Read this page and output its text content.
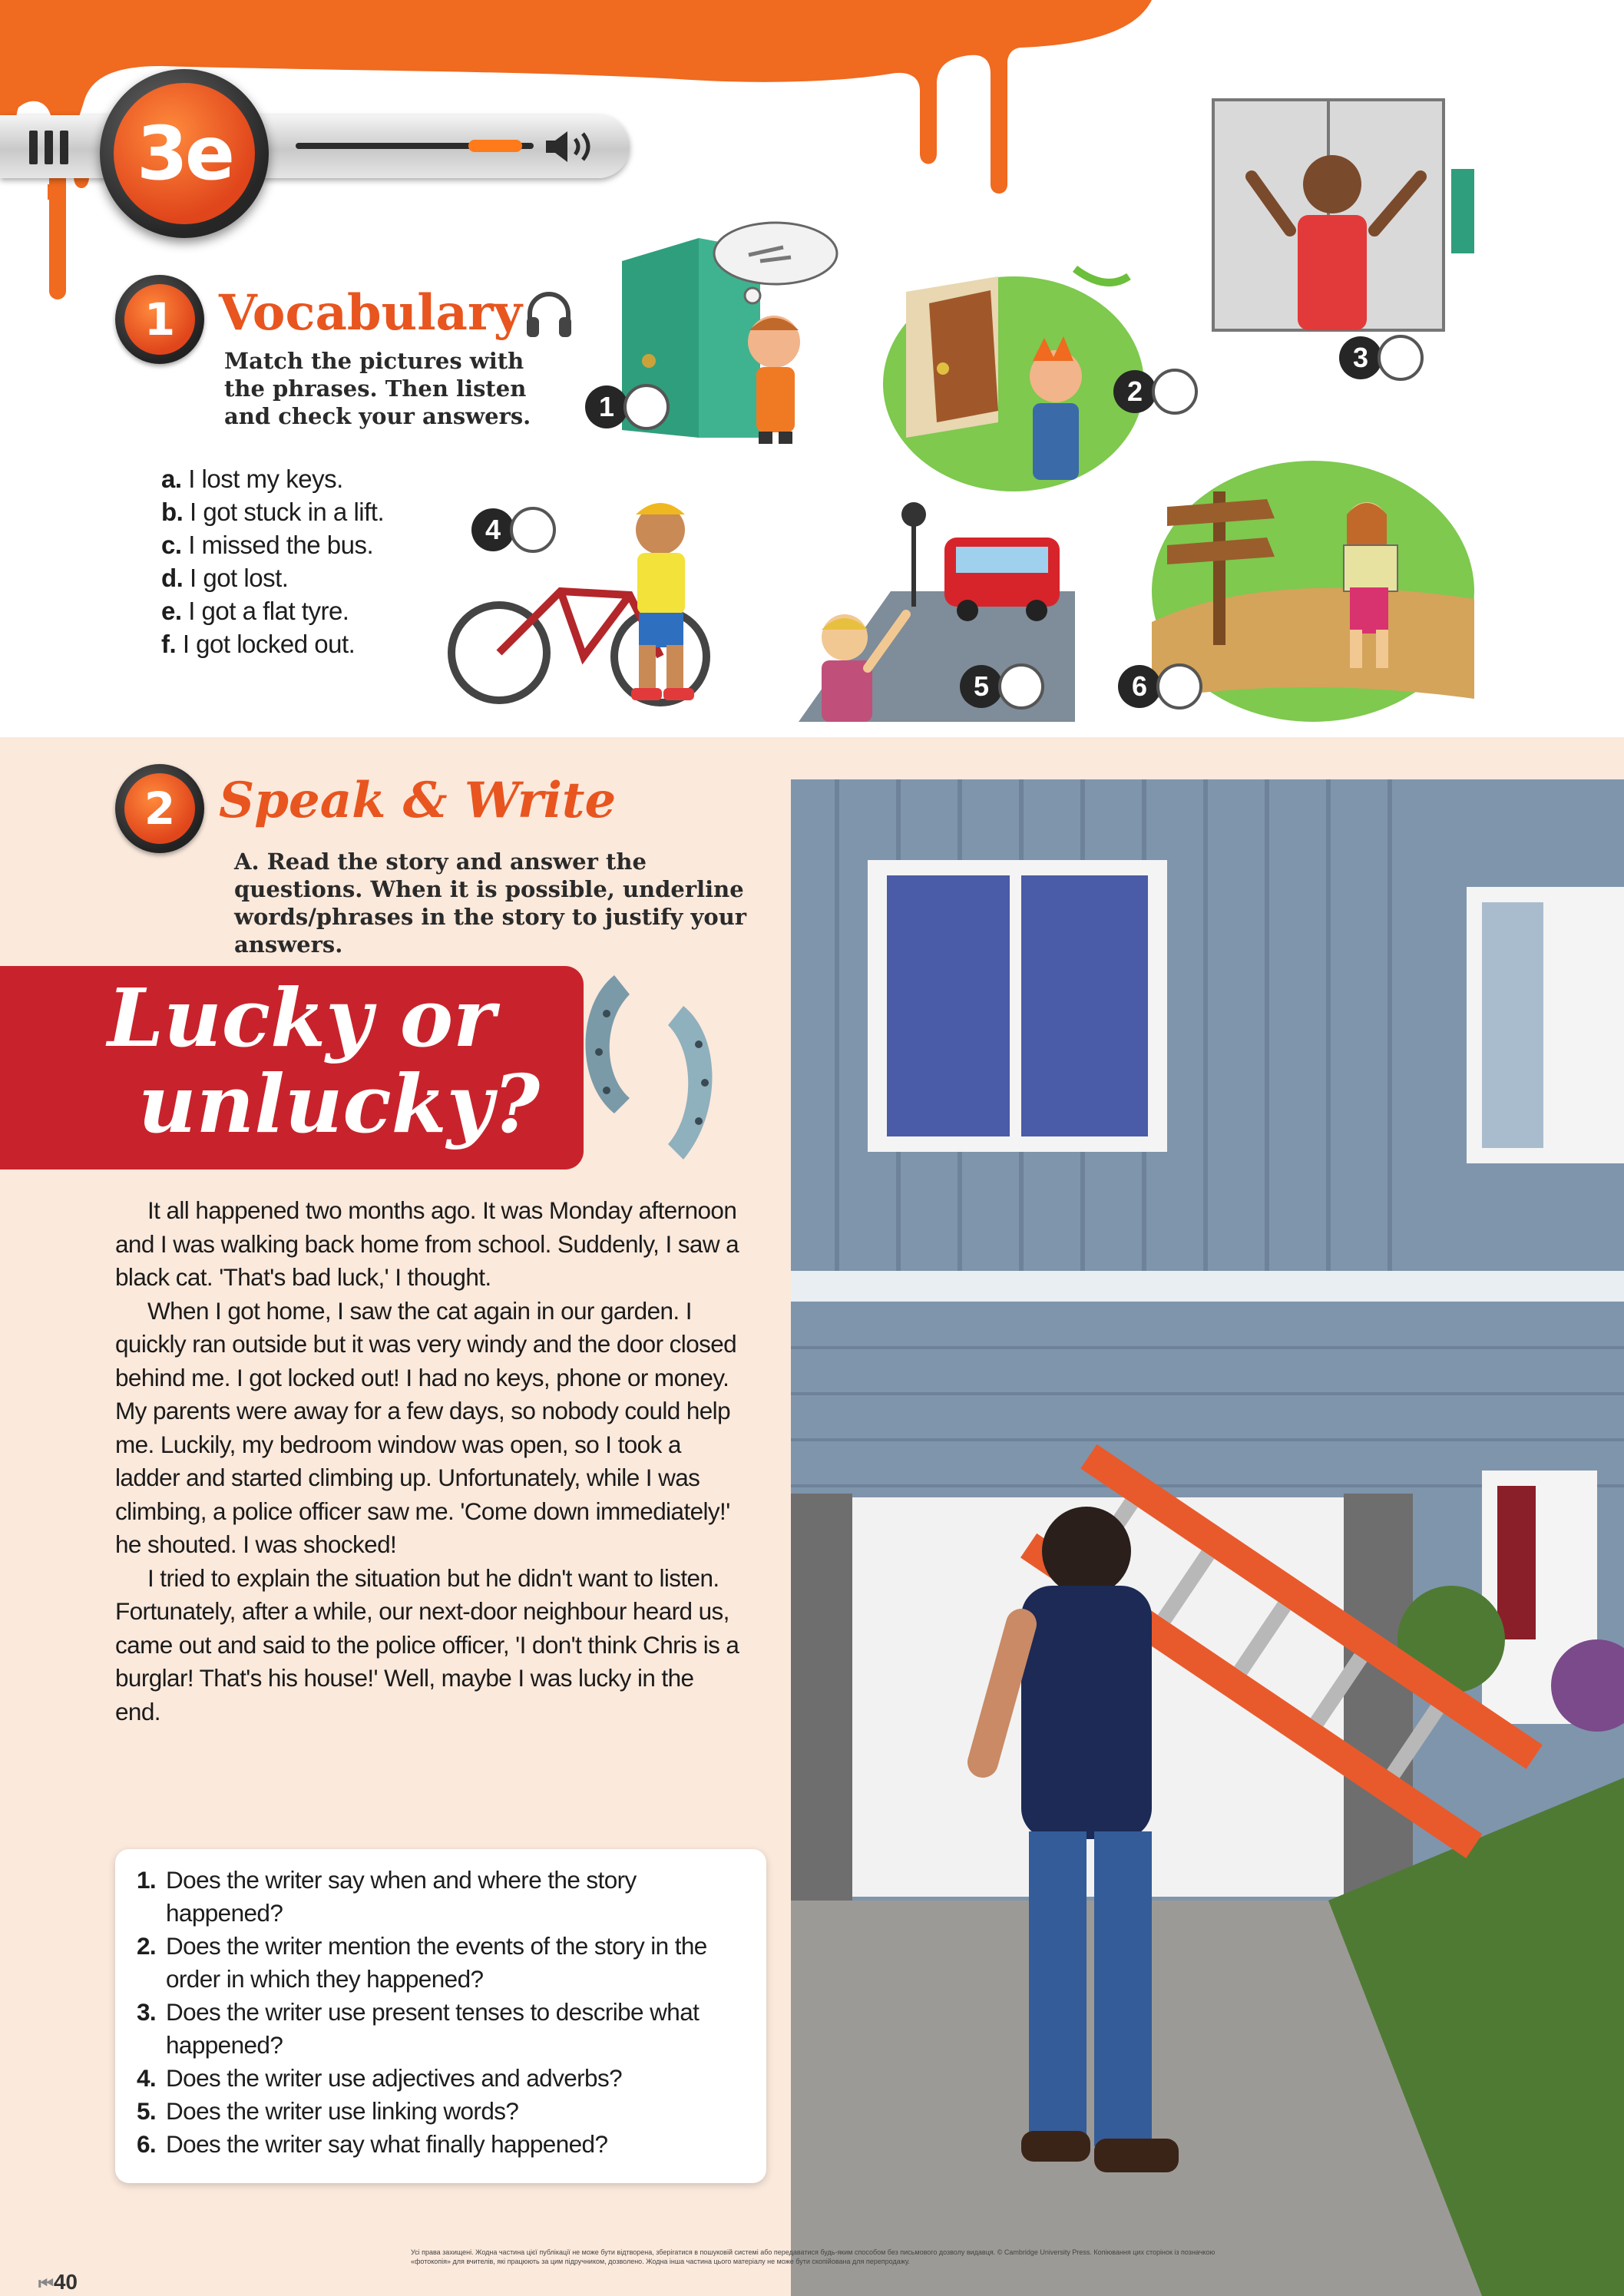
3e
1 Vocabulary
Match the pictures with the phrases. Then listen and check your answers.
a. I lost my keys.
b. I got stuck in a lift.
c. I missed the bus.
d. I got lost.
e. I got a flat tyre.
f. I got locked out.
1	2
3
4
5	6
2 Speak & Write
A. Read the story and answer the questions. When it is possible, underline words/phrases in the story to justify your answers.
Lucky or
unlucky?

It all happened two months ago. It was Monday afternoon and I was walking back home from school. Suddenly, I saw a black cat. 'That's bad luck,' I thought.

When I got home, I saw the cat again in our garden. I quickly ran outside but it was very windy and the door closed behind me. I got locked out! I had no keys, phone or money. My parents were away for a few days, so nobody could help me. Luckily, my bedroom window was open, so I took a ladder and started climbing up. Unfortunately, while I was climbing, a police officer saw me. 'Come down immediately!' he shouted. I was shocked!

I tried to explain the situation but he didn't want to listen. Fortunately, after a while, our next-door neighbour heard us, came out and said to the police officer, 'I don't think Chris is a burglar! That's his house!' Well, maybe I was lucky in the end.

1. Does the writer say when and where the story happened?
2. Does the writer mention the events of the story in the order in which they happened?
3. Does the writer use present tenses to describe what happened?
4. Does the writer use adjectives and adverbs?
5. Does the writer use linking words?
6. Does the writer say what finally happened?
⏮40
Усі права захищені. Жодна частина цієї публікації не може бути відтворена, зберігатися в пошуковій системі або передаватися будь-яким способом без письмового дозволу видавця. © Cambridge University Press. Копіювання цих сторінок із позначкою «фотокопія» для вчителів, які працюють за цим підручником, дозволено. Жодна інша частина цього матеріалу не може бути скопійована для перепродажу.
